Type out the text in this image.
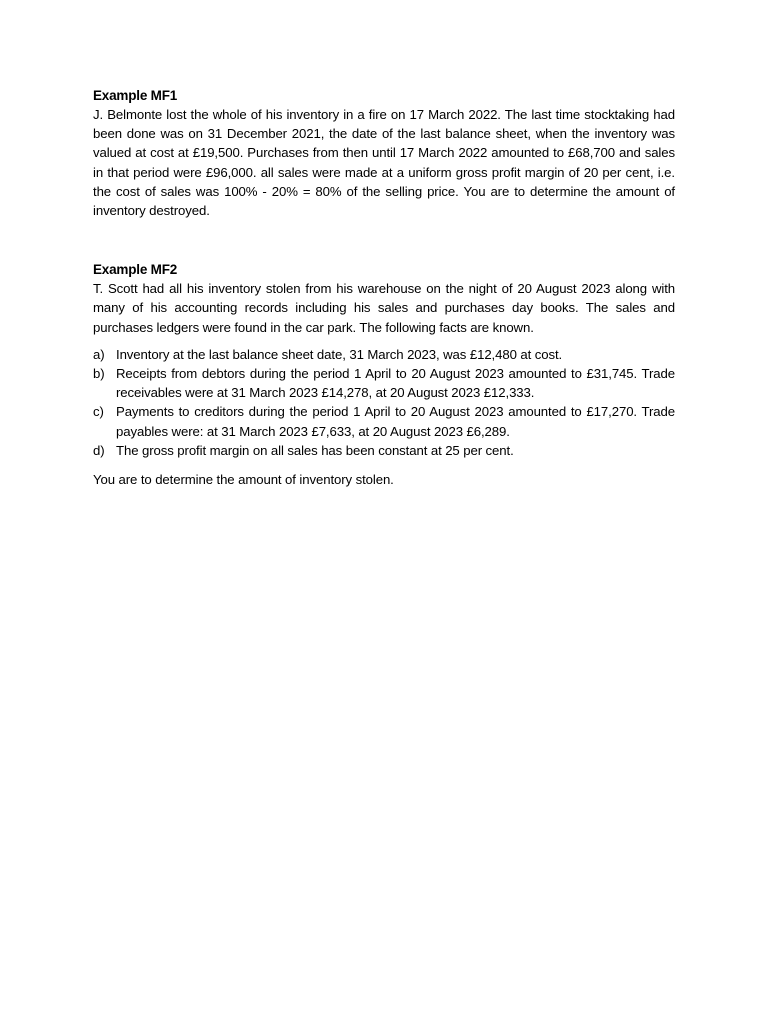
Example MF1

J. Belmonte lost the whole of his inventory in a fire on 17 March 2022. The last time stocktaking had been done was on 31 December 2021, the date of the last balance sheet, when the inventory was valued at cost at £19,500. Purchases from then until 17 March 2022 amounted to £68,700 and sales in that period were £96,000. all sales were made at a uniform gross profit margin of 20 per cent, i.e. the cost of sales was 100% - 20% = 80% of the selling price. You are to determine the amount of inventory destroyed.

Example MF2

T. Scott had all his inventory stolen from his warehouse on the night of 20 August 2023 along with many of his accounting records including his sales and purchases day books. The sales and purchases ledgers were found in the car park. The following facts are known.

a) Inventory at the last balance sheet date, 31 March 2023, was £12,480 at cost.
b) Receipts from debtors during the period 1 April to 20 August 2023 amounted to £31,745. Trade receivables were at 31 March 2023 £14,278, at 20 August 2023 £12,333.
c) Payments to creditors during the period 1 April to 20 August 2023 amounted to £17,270. Trade payables were: at 31 March 2023 £7,633, at 20 August 2023 £6,289.
d) The gross profit margin on all sales has been constant at 25 per cent.

You are to determine the amount of inventory stolen.
